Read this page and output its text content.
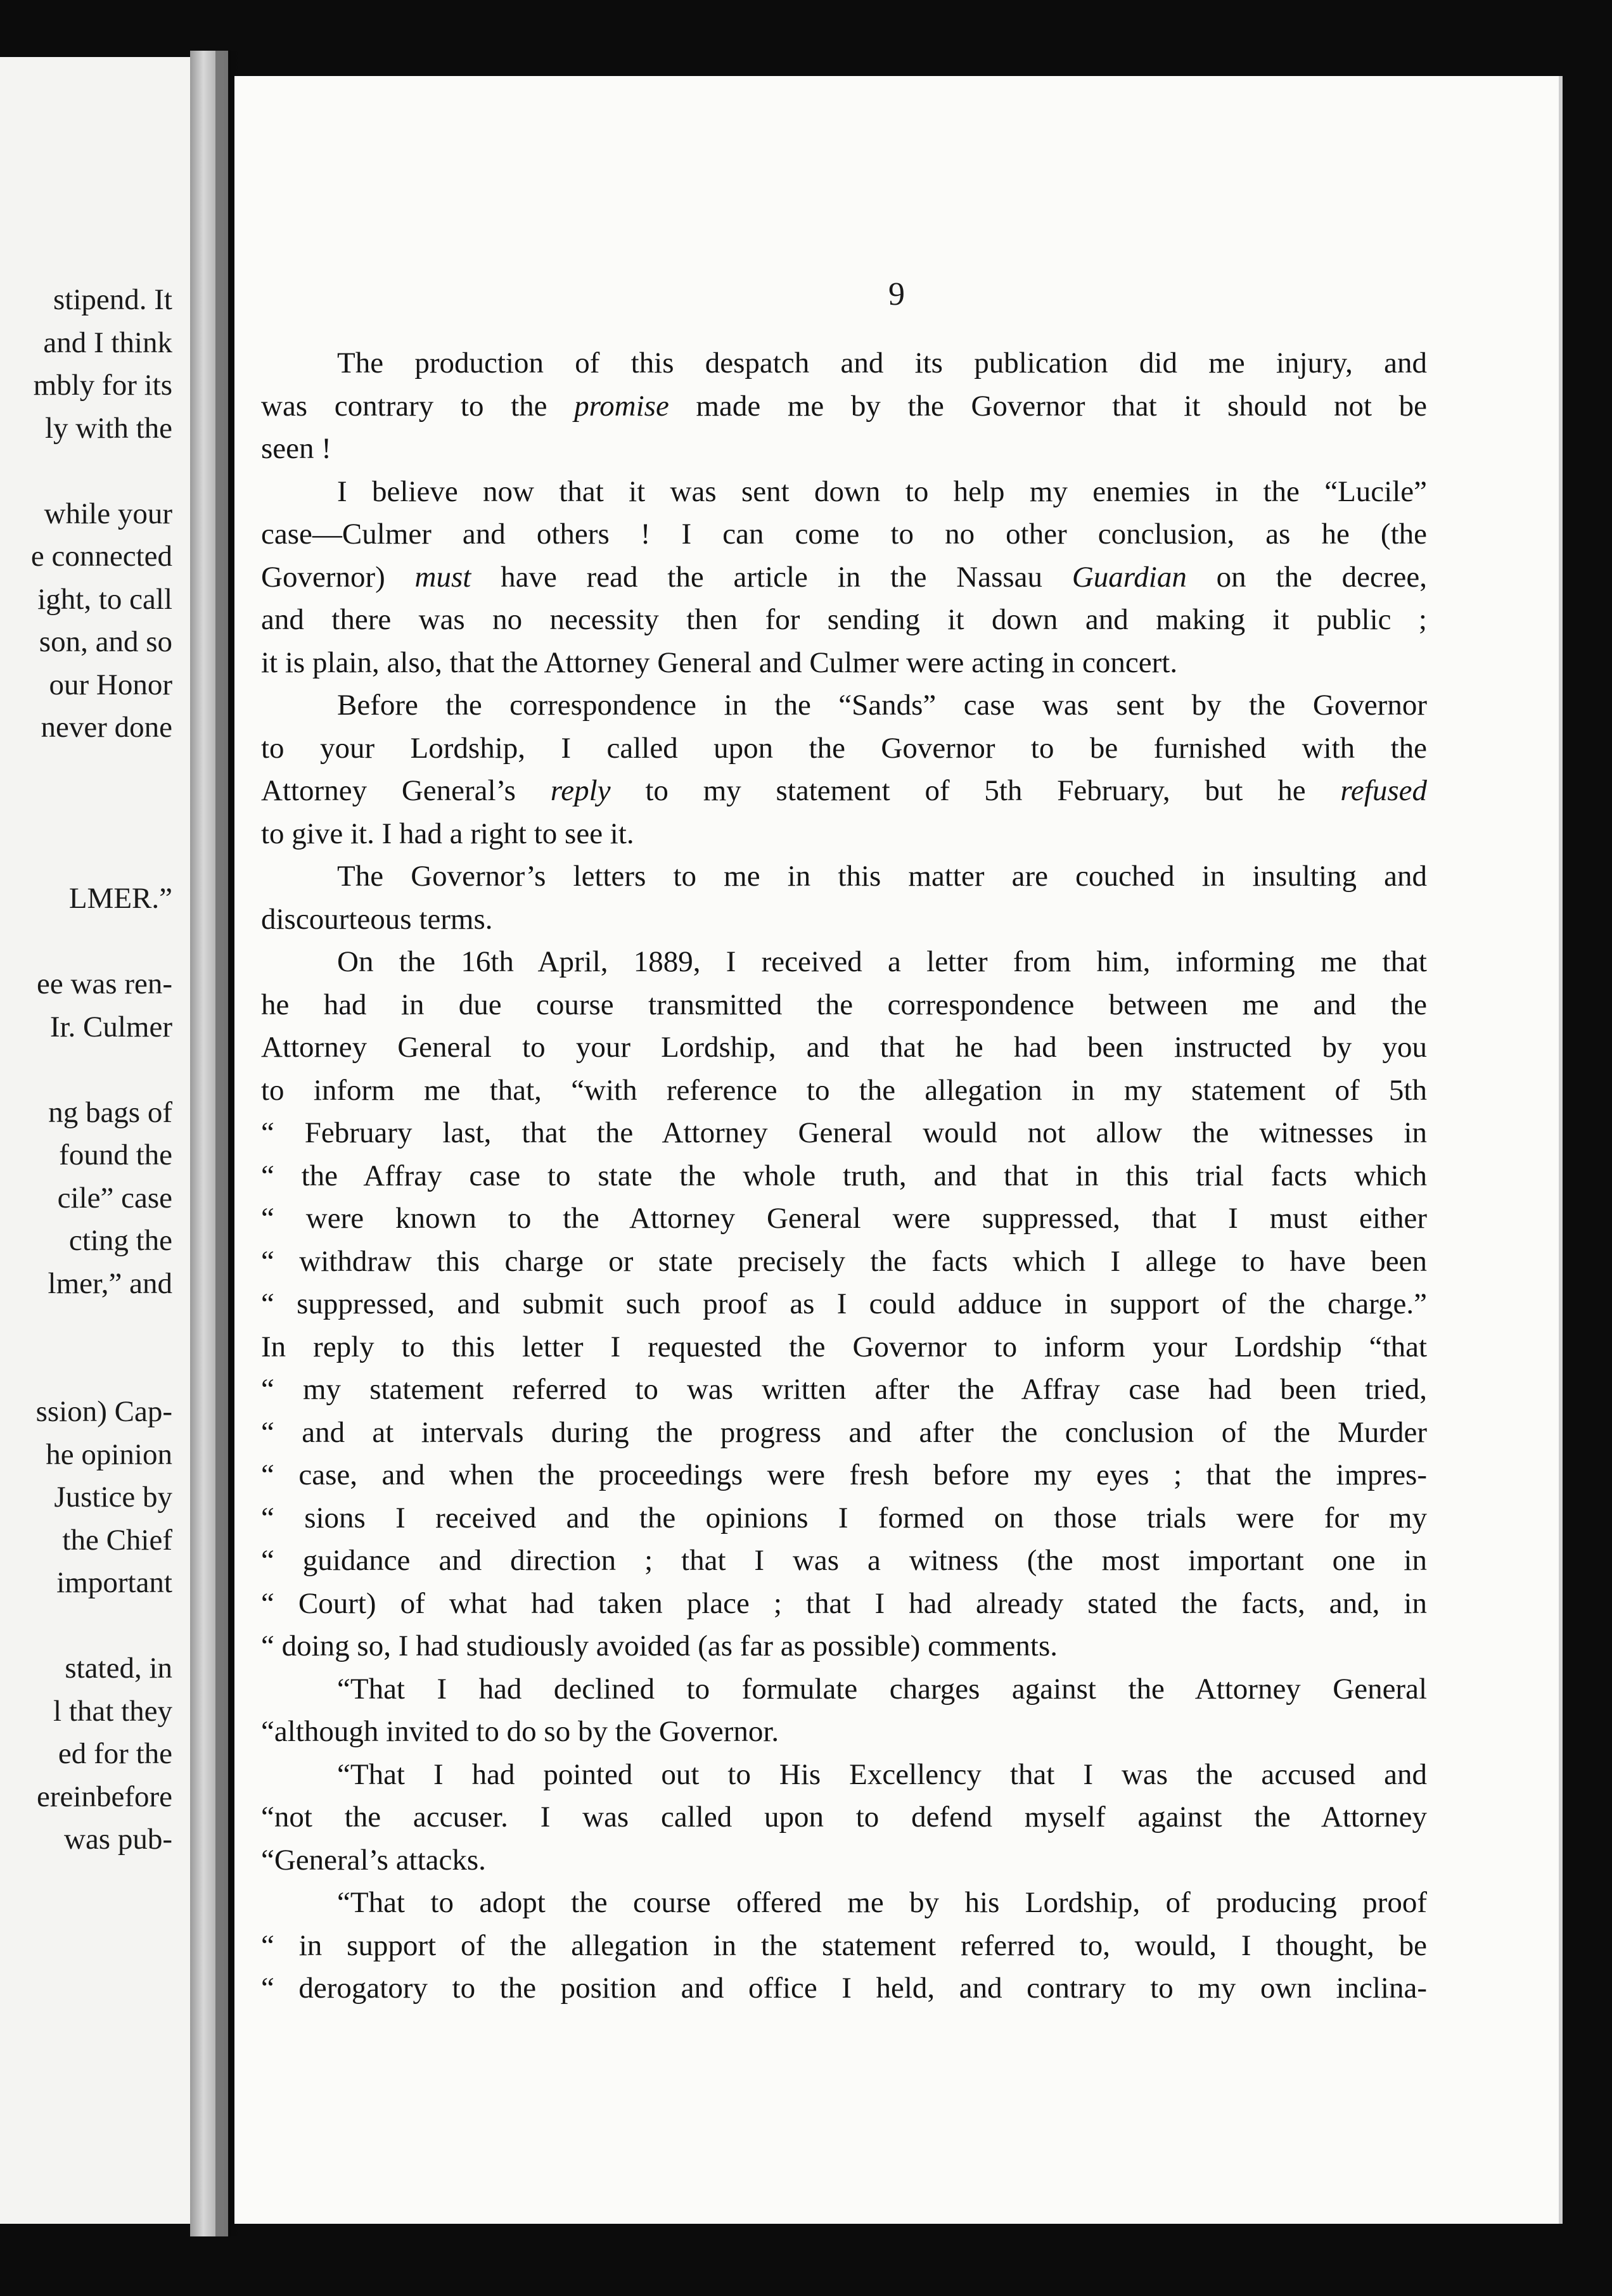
stipend. It
and I think
mbly for its
ly with the
while your
e connected
ight, to call
son, and so
our Honor
never done
LMER.”
ee was ren-
Ir. Culmer
ng bags of
found the
cile” case
cting the
lmer,” and
ssion) Cap-
he opinion
Justice by
the Chief
important
stated, in
l that they
ed for the
ereinbefore
was pub-
9
The production of this despatch and its publication did me injury, and
was contrary to the promise made me by the Governor that it should not be
seen !
I believe now that it was sent down to help my enemies in the “Lucile”
case—Culmer and others ! I can come to no other conclusion, as he (the
Governor) must have read the article in the Nassau Guardian on the decree,
and there was no necessity then for sending it down and making it public ;
it is plain, also, that the Attorney General and Culmer were acting in concert.
Before the correspondence in the “Sands” case was sent by the Governor
to your Lordship, I called upon the Governor to be furnished with the
Attorney General’s reply to my statement of 5th February, but he refused
to give it. I had a right to see it.
The Governor’s letters to me in this matter are couched in insulting and
discourteous terms.
On the 16th April, 1889, I received a letter from him, informing me that
he had in due course transmitted the correspondence between me and the
Attorney General to your Lordship, and that he had been instructed by you
to inform me that, “with reference to the allegation in my statement of 5th
“ February last, that the Attorney General would not allow the witnesses in
“ the Affray case to state the whole truth, and that in this trial facts which
“ were known to the Attorney General were suppressed, that I must either
“ withdraw this charge or state precisely the facts which I allege to have been
“ suppressed, and submit such proof as I could adduce in support of the charge.”
In reply to this letter I requested the Governor to inform your Lordship “that
“ my statement referred to was written after the Affray case had been tried,
“ and at intervals during the progress and after the conclusion of the Murder
“ case, and when the proceedings were fresh before my eyes ; that the impres-
“ sions I received and the opinions I formed on those trials were for my
“ guidance and direction ; that I was a witness (the most important one in
“ Court) of what had taken place ; that I had already stated the facts, and, in
“ doing so, I had studiously avoided (as far as possible) comments.
“That I had declined to formulate charges against the Attorney General
“although invited to do so by the Governor.
“That I had pointed out to His Excellency that I was the accused and
“not the accuser. I was called upon to defend myself against the Attorney
“General’s attacks.
“That to adopt the course offered me by his Lordship, of producing proof
“ in support of the allegation in the statement referred to, would, I thought, be
“ derogatory to the position and office I held, and contrary to my own inclina-
